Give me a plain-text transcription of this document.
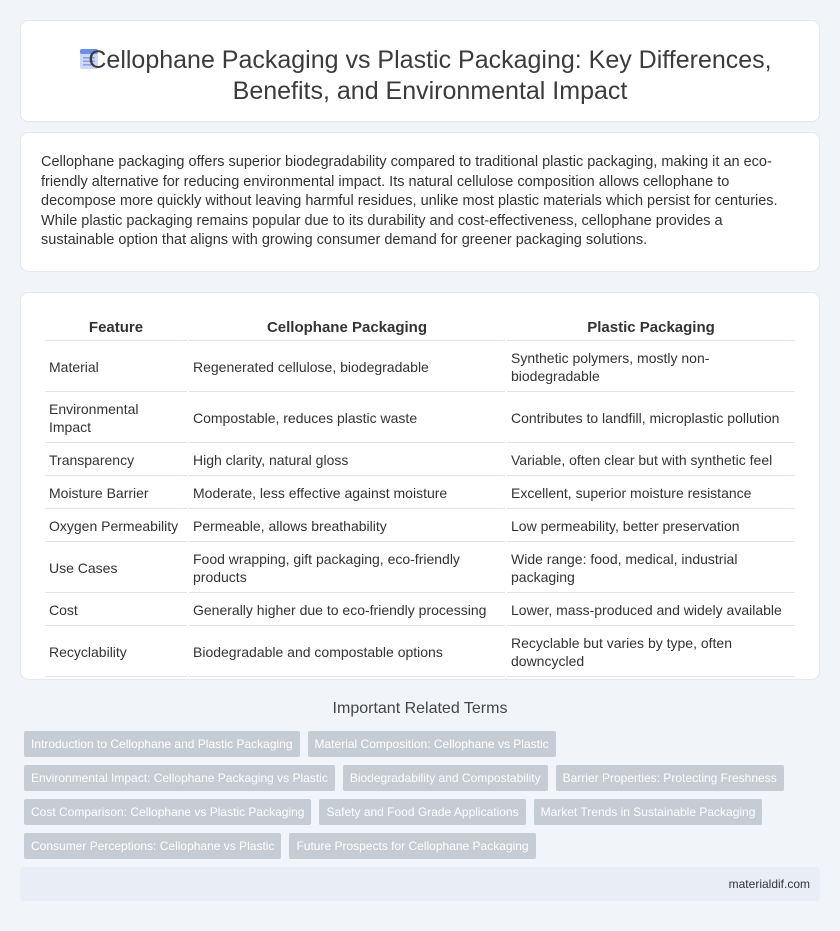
Cellophane Packaging vs Plastic Packaging: Key Differences, Benefits, and Environmental Impact

Cellophane packaging offers superior biodegradability compared to traditional plastic packaging, making it an eco-friendly alternative for reducing environmental impact. Its natural cellulose composition allows cellophane to decompose more quickly without leaving harmful residues, unlike most plastic materials which persist for centuries. While plastic packaging remains popular due to its durability and cost-effectiveness, cellophane provides a sustainable option that aligns with growing consumer demand for greener packaging solutions.

Feature	Cellophane Packaging	Plastic Packaging
Material	Regenerated cellulose, biodegradable	Synthetic polymers, mostly non-biodegradable
Environmental Impact	Compostable, reduces plastic waste	Contributes to landfill, microplastic pollution
Transparency	High clarity, natural gloss	Variable, often clear but with synthetic feel
Moisture Barrier	Moderate, less effective against moisture	Excellent, superior moisture resistance
Oxygen Permeability	Permeable, allows breathability	Low permeability, better preservation
Use Cases	Food wrapping, gift packaging, eco-friendly products	Wide range: food, medical, industrial packaging
Cost	Generally higher due to eco-friendly processing	Lower, mass-produced and widely available
Recyclability	Biodegradable and compostable options	Recyclable but varies by type, often downcycled
Important Related Terms
Introduction to Cellophane and Plastic Packaging	Material Composition: Cellophane vs Plastic
Environmental Impact: Cellophane Packaging vs Plastic	Biodegradability and Compostability	Barrier Properties: Protecting Freshness
Cost Comparison: Cellophane vs Plastic Packaging	Safety and Food Grade Applications	Market Trends in Sustainable Packaging
Consumer Perceptions: Cellophane vs Plastic	Future Prospects for Cellophane Packaging
materialdif.com
